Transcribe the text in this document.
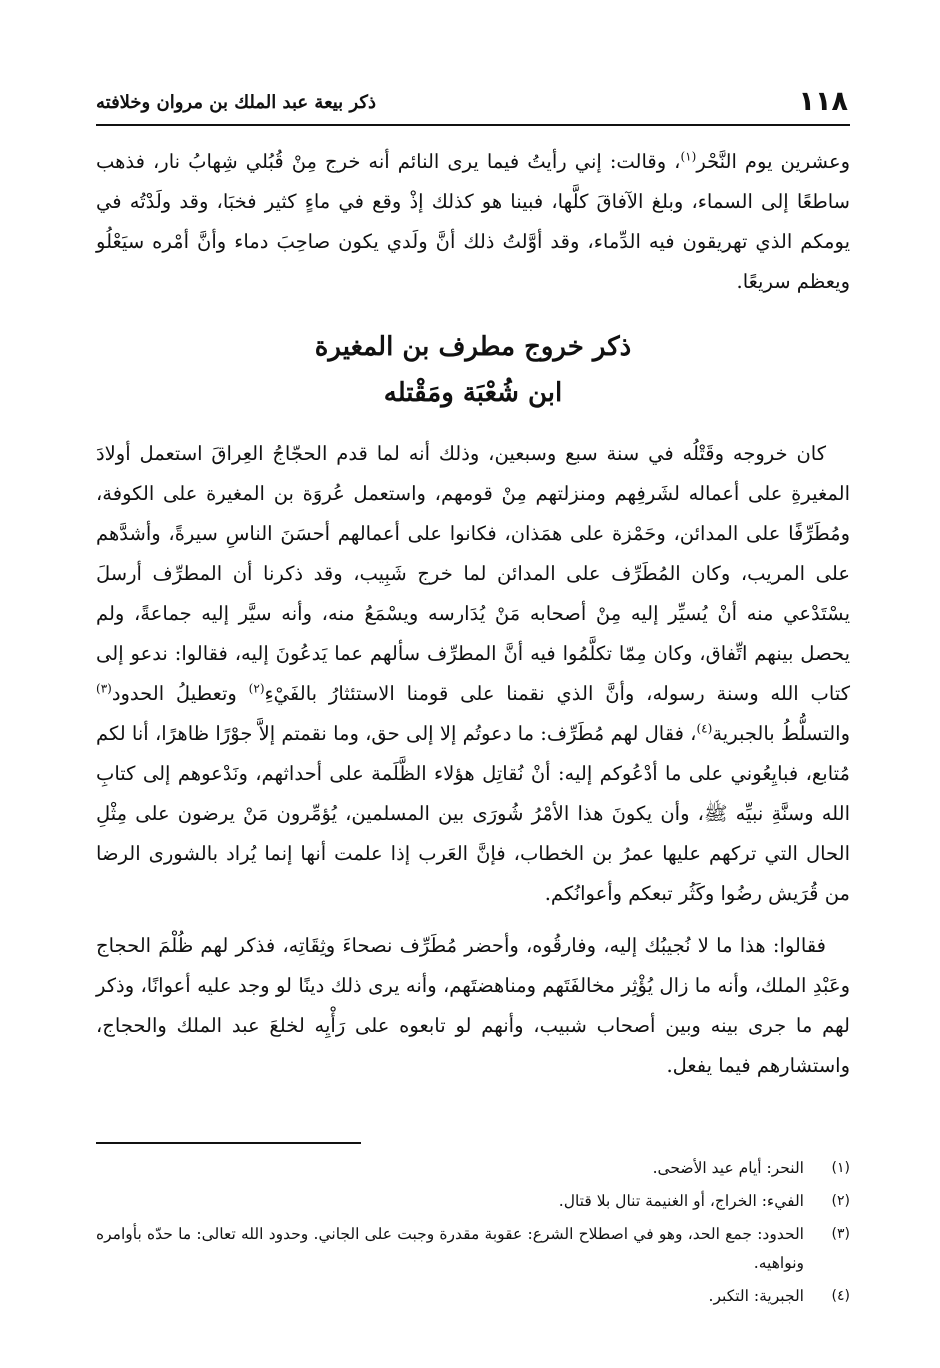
١١٨
ذكر بيعة عبد الملك بن مروان وخلافته

وعشرين يوم النَّحْر$^{(١)}$، وقالت: إني رأيتُ فيما يرى النائم أنه خرج مِنْ قُبُلي شِهابُ نار، فذهب ساطعًا إلى السماء، وبلغ الآفاقَ كلَّها، فبينا هو كذلك إذْ وقع في ماءٍ كثير فخبَا، وقد ولَدْتُه في يومكم الذي تهريقون فيه الدِّماء، وقد أوَّلتُ ذلك أنَّ ولَدي يكون صاحِبَ دماء وأنَّ أمْره سيَعْلُو ويعظم سريعًا.

ذكر خروج مطرف بن المغيرة
ابن شُعْبَة ومَقْتله

كان خروجه وقَتْلُه في سنة سبع وسبعين، وذلك أنه لما قدم الحجّاجُ العِراقَ استعمل أولادَ المغيرةِ على أعماله لشَرفِهم ومنزلتهم مِنْ قومهم، واستعمل عُروَة بن المغيرة على الكوفة، ومُطَرِّفًا على المدائن، وحَمْزة على همَذان، فكانوا على أعمالهم أحسَنَ الناسِ سيرةً، وأشدَّهم على المريب، وكان المُطَرِّف على المدائن لما خرج شَبِيب، وقد ذكرنا أن المطرِّف أرسلَ يسْتَدْعي منه أنْ يُسيِّر إليه مِنْ أصحابه مَنْ يُدَارسه ويسْمَعُ منه، وأنه سيَّر إليه جماعةً، ولم يحصل بينهم اتِّفاق، وكان مِمّا تكلَّمُوا فيه أنَّ المطرِّف سألهم عما يَدعُونَ إليه، فقالوا: ندعو إلى كتاب الله وسنة رسوله، وأنَّ الذي نقمنا على قومنا الاستئثارُ بالفَيْءِ$^{(٢)}$ وتعطيلُ الحدود$^{(٣)}$ والتسلُّطُ بالجبرية$^{(٤)}$، فقال لهم مُطَرِّف: ما دعوتُم إلا إلى حق، وما نقمتم إلاَّ جوْرًا ظاهرًا، أنا لكم مُتابع، فبايِعُوني على ما أدْعُوكم إليه: أنْ نُقاتِل هؤلاء الظَّلَمة على أحداثهم، ونَدْعوهم إلى كتابِ الله وسنَّةِ نبيِّه ﷺ، وأن يكونَ هذا الأمْرُ شُورَى بين المسلمين، يُؤمِّرون مَنْ يرضون على مِثْلِ الحال التي تركهم عليها عمرُ بن الخطاب، فإنَّ العَرب إذا علمت أنها إنما يُراد بالشورى الرضا من قُرَيش رضُوا وكَثُر تبعكم وأعوانُكم.

فقالوا: هذا ما لا نُجيبُك إليه، وفارقُوه، وأحضر مُطَرِّف نصحاءَ وثِقَاتِه، فذكر لهم ظُلْمَ الحجاج وعَبْدِ الملك، وأنه ما زال يُؤْثِر مخالفَتَهم ومناهضتَهم، وأنه يرى ذلك دينًا لو وجد عليه أعوانًا، وذكر لهم ما جرى بينه وبين أصحاب شبيب، وأنهم لو تابعوه على رَأْيِه لخلعَ عبد الملك والحجاج، واستشارهم فيما يفعل.

(١)
النحر: أيام عيد الأضحى.
(٢)
الفيء: الخراج، أو الغنيمة تنال بلا قتال.
(٣)
الحدود: جمع الحد، وهو في اصطلاح الشرع: عقوبة مقدرة وجبت على الجاني. وحدود الله تعالى: ما حدّه بأوامره ونواهيه.
(٤)
الجبرية: التكبر.
